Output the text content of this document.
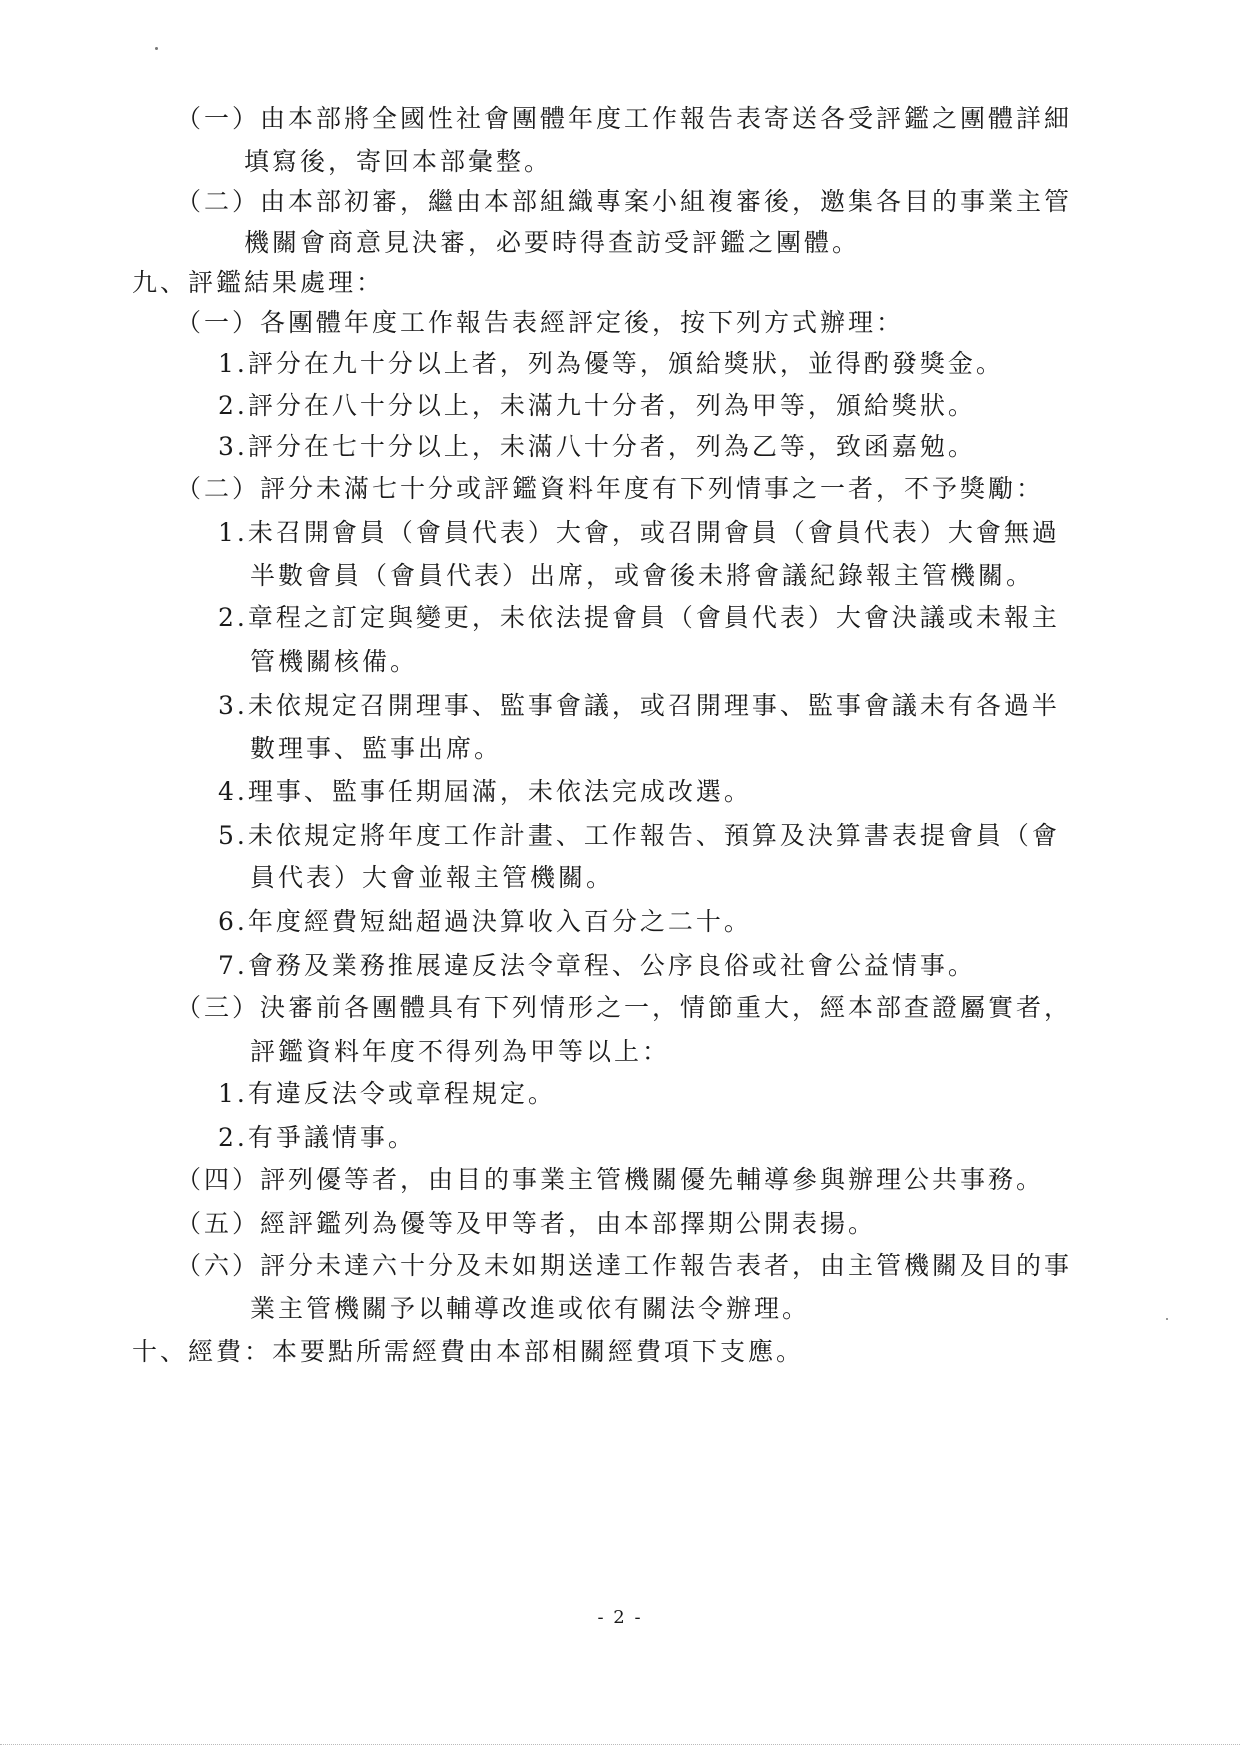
（一）由本部將全國性社會團體年度工作報告表寄送各受評鑑之團體詳細
填寫後，寄回本部彙整。
（二）由本部初審，繼由本部組織專案小組複審後，邀集各目的事業主管
機關會商意見決審，必要時得查訪受評鑑之團體。
九、評鑑結果處理：
（一）各團體年度工作報告表經評定後，按下列方式辦理：
1.評分在九十分以上者，列為優等，頒給獎狀，並得酌發獎金。
2.評分在八十分以上，未滿九十分者，列為甲等，頒給獎狀。
3.評分在七十分以上，未滿八十分者，列為乙等，致函嘉勉。
（二）評分未滿七十分或評鑑資料年度有下列情事之一者，不予獎勵：
1.未召開會員（會員代表）大會，或召開會員（會員代表）大會無過
半數會員（會員代表）出席，或會後未將會議紀錄報主管機關。
2.章程之訂定與變更，未依法提會員（會員代表）大會決議或未報主
管機關核備。
3.未依規定召開理事、監事會議，或召開理事、監事會議未有各過半
數理事、監事出席。
4.理事、監事任期屆滿，未依法完成改選。
5.未依規定將年度工作計畫、工作報告、預算及決算書表提會員（會
員代表）大會並報主管機關。
6.年度經費短絀超過決算收入百分之二十。
7.會務及業務推展違反法令章程、公序良俗或社會公益情事。
（三）決審前各團體具有下列情形之一，情節重大，經本部查證屬實者，
評鑑資料年度不得列為甲等以上：
1.有違反法令或章程規定。
2.有爭議情事。
（四）評列優等者，由目的事業主管機關優先輔導參與辦理公共事務。
（五）經評鑑列為優等及甲等者，由本部擇期公開表揚。
（六）評分未達六十分及未如期送達工作報告表者，由主管機關及目的事
業主管機關予以輔導改進或依有關法令辦理。
十、經費：本要點所需經費由本部相關經費項下支應。
- 2 -
